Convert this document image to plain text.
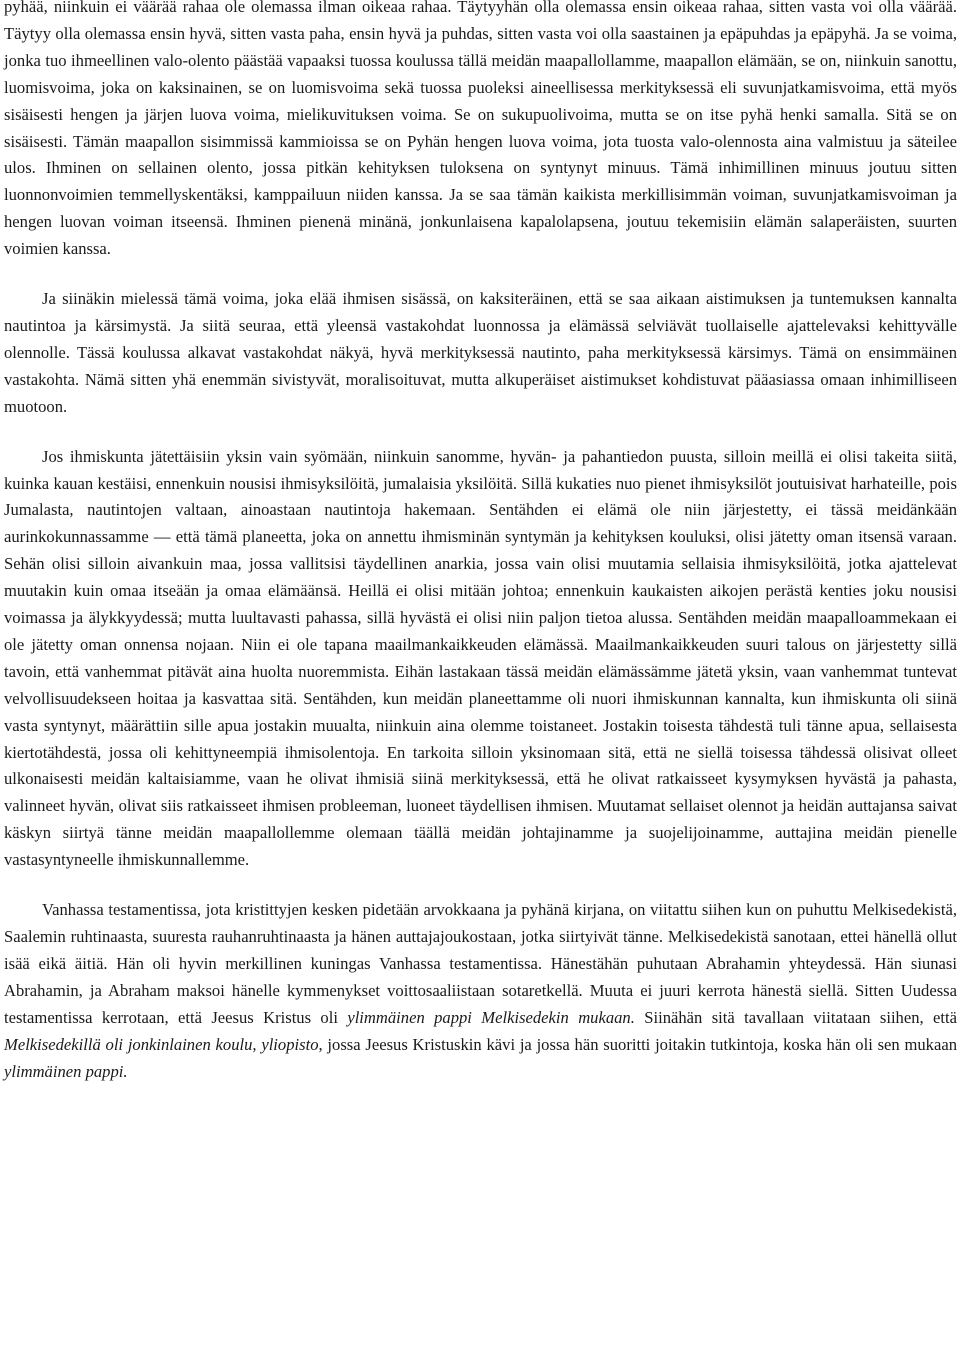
pyhää, niinkuin ei väärää rahaa ole olemassa ilman oikeaa rahaa. Täytyyhän olla olemassa ensin oikeaa rahaa, sitten vasta voi olla väärää. Täytyy olla olemassa ensin hyvä, sitten vasta paha, ensin hyvä ja puhdas, sitten vasta voi olla saastainen ja epäpuhdas ja epäpyhä. Ja se voima, jonka tuo ihmeellinen valo-olento päästää vapaaksi tuossa koulussa tällä meidän maapallollamme, maapallon elämään, se on, niinkuin sanottu, luomisvoima, joka on kaksinainen, se on luomisvoima sekä tuossa puoleksi aineellisessa merkityksessä eli suvunjatkamisvoima, että myös sisäisesti hengen ja järjen luova voima, mielikuvituksen voima. Se on sukupuolivoima, mutta se on itse pyhä henki samalla. Sitä se on sisäisesti. Tämän maapallon sisimmissä kammioissa se on Pyhän hengen luova voima, jota tuosta valo-olennosta aina valmistuu ja säteilee ulos. Ihminen on sellainen olento, jossa pitkän kehityksen tuloksena on syntynyt minuus. Tämä inhimillinen minuus joutuu sitten luonnonvoimien temmellyskentäksi, kamppailuun niiden kanssa. Ja se saa tämän kaikista merkillisimmän voiman, suvunjatkamisvoiman ja hengen luovan voiman itseensä. Ihminen pienenä minänä, jonkunlaisena kapalolapsena, joutuu tekemisiin elämän salaperäisten, suurten voimien kanssa.

Ja siinäkin mielessä tämä voima, joka elää ihmisen sisässä, on kaksiteräinen, että se saa aikaan aistimuksen ja tuntemuksen kannalta nautintoa ja kärsimystä. Ja siitä seuraa, että yleensä vastakohdat luonnossa ja elämässä selviävät tuollaiselle ajattelevaksi kehittyvälle olennolle. Tässä koulussa alkavat vastakohdat näkyä, hyvä merkityksessä nautinto, paha merkityksessä kärsimys. Tämä on ensimmäinen vastakohta. Nämä sitten yhä enemmän sivistyvät, moralisoituvat, mutta alkuperäiset aistimukset kohdistuvat pääasiassa omaan inhimilliseen muotoon.

Jos ihmiskunta jätettäisiin yksin vain syömään, niinkuin sanomme, hyvän- ja pahantiedon puusta, silloin meillä ei olisi takeita siitä, kuinka kauan kestäisi, ennenkuin nousisi ihmisyksilöitä, jumalaisia yksilöitä. Sillä kukaties nuo pienet ihmisyksilöt joutuisivat harhateille, pois Jumalasta, nautintojen valtaan, ainoastaan nautintoja hakemaan. Sentähden ei elämä ole niin järjestetty, ei tässä meidänkään aurinkokunnassamme — että tämä planeetta, joka on annettu ihmisminän syntymän ja kehityksen kouluksi, olisi jätetty oman itsensä varaan. Sehän olisi silloin aivankuin maa, jossa vallitsisi täydellinen anarkia, jossa vain olisi muutamia sellaisia ihmisyksilöitä, jotka ajattelevat muutakin kuin omaa itseään ja omaa elämäänsä. Heillä ei olisi mitään johtoa; ennenkuin kaukaisten aikojen perästä kenties joku nousisi voimassa ja älykkyydessä; mutta luultavasti pahassa, sillä hyvästä ei olisi niin paljon tietoa alussa. Sentähden meidän maapalloammekaan ei ole jätetty oman onnensa nojaan. Niin ei ole tapana maailmankaikkeuden elämässä. Maailmankaikkeuden suuri talous on järjestetty sillä tavoin, että vanhemmat pitävät aina huolta nuoremmista. Eihän lastakaan tässä meidän elämässämme jätetä yksin, vaan vanhemmat tuntevat velvollisuudekseen hoitaa ja kasvattaa sitä. Sentähden, kun meidän planeettamme oli nuori ihmiskunnan kannalta, kun ihmiskunta oli siinä vasta syntynyt, määrättiin sille apua jostakin muualta, niinkuin aina olemme toistaneet. Jostakin toisesta tähdestä tuli tänne apua, sellaisesta kiertotähdestä, jossa oli kehittyneempiä ihmisolentoja. En tarkoita silloin yksinomaan sitä, että ne siellä toisessa tähdessä olisivat olleet ulkonaisesti meidän kaltaisiamme, vaan he olivat ihmisiä siinä merkityksessä, että he olivat ratkaisseet kysymyksen hyvästä ja pahasta, valinneet hyvän, olivat siis ratkaisseet ihmisen probleeman, luoneet täydellisen ihmisen. Muutamat sellaiset olennot ja heidän auttajansa saivat käskyn siirtyä tänne meidän maapallollemme olemaan täällä meidän johtajinamme ja suojelijoinamme, auttajina meidän pienelle vastasyntyneelle ihmiskunnallemme.

Vanhassa testamentissa, jota kristittyjen kesken pidetään arvokkaana ja pyhänä kirjana, on viitattu siihen kun on puhuttu Melkisedekistä, Saalemin ruhtinaasta, suuresta rauhanruhtinaasta ja hänen auttajajoukostaan, jotka siirtyivät tänne. Melkisedekistä sanotaan, ettei hänellä ollut isää eikä äitiä. Hän oli hyvin merkillinen kuningas Vanhassa testamentissa. Hänestähän puhutaan Abrahamin yhteydessä. Hän siunasi Abrahamin, ja Abraham maksoi hänelle kymmenykset voittosaaliistaan sotaretkellä. Muuta ei juuri kerrota hänestä siellä. Sitten Uudessa testamentissa kerrotaan, että Jeesus Kristus oli ylimmäinen pappi Melkisedekin mukaan. Siinähän sitä tavallaan viitataan siihen, että Melkisedekillä oli jonkinlainen koulu, yliopisto, jossa Jeesus Kristuskin kävi ja jossa hän suoritti joitakin tutkintoja, koska hän oli sen mukaan ylimmäinen pappi.
